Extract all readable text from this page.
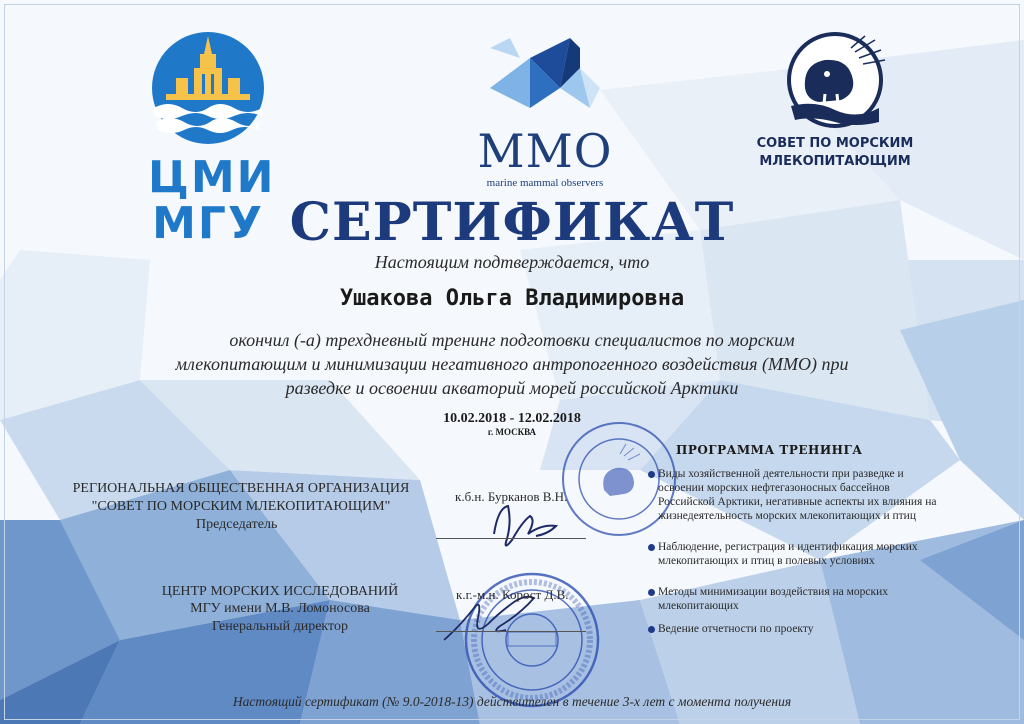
ЦМИ
МГУ
ММО
marine mammal observers
СОВЕТ ПО МОРСКИМ
МЛЕКОПИТАЮЩИМ
СЕРТИФИКАТ
Настоящим подтверждается, что
Ушакова Ольга Владимировна
окончил (-а) трехдневный тренинг подготовки специалистов по морским
млекопитающим и минимизации негативного антропогенного воздействия (ММО) при
разведке и освоении акваторий морей российской Арктики
10.02.2018 - 12.02.2018
г. МОСКВА
РЕГИОНАЛЬНАЯ ОБЩЕСТВЕННАЯ ОРГАНИЗАЦИЯ
"СОВЕТ ПО МОРСКИМ МЛЕКОПИТАЮЩИМ"
Председатель
к.б.н. Бурканов В.Н.
ЦЕНТР МОРСКИХ ИССЛЕДОВАНИЙ
МГУ имени М.В. Ломоносова
Генеральный директор
к.г.-м.н. Корост Д.В.
ПРОГРАММА ТРЕНИНГА
Виды хозяйственной деятельности при разведке и освоении морских нефтегазоносных бассейнов Российской Арктики, негативные аспекты их влияния на жизнедеятельность морских млекопитающих и птиц
Наблюдение, регистрация и идентификация морских млекопитающих и птиц в полевых условиях
Методы минимизации воздействия на морских млекопитающих
Ведение отчетности по проекту
Настоящий сертификат (№ 9.0-2018-13) действителен в течение 3-х лет с момента получения
